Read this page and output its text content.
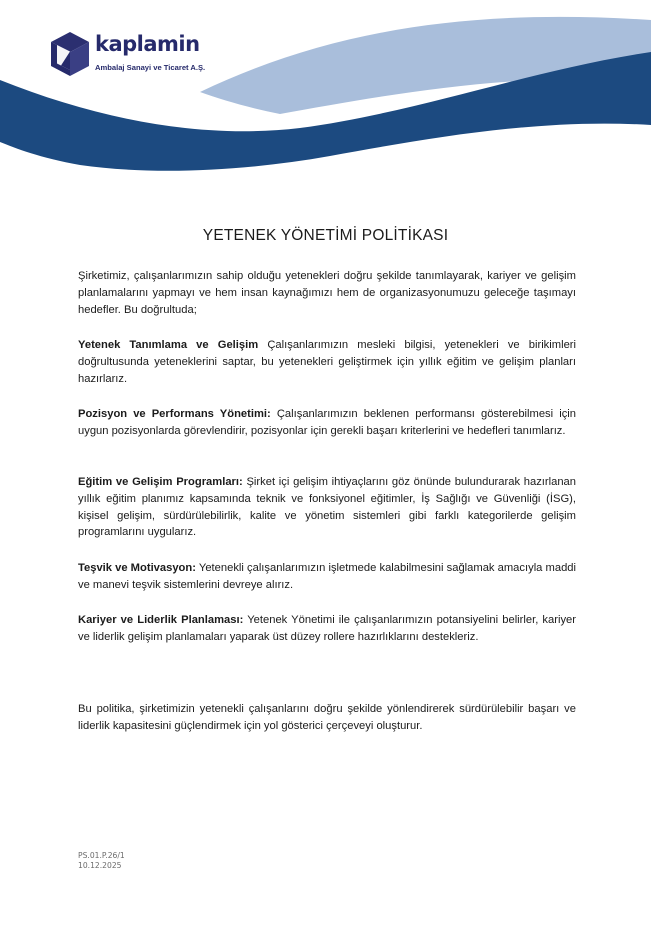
kaplamin
Ambalaj Sanayi ve Ticaret A.Ş.
YETENEK YÖNETİMİ POLİTİKASI

Şirketimiz, çalışanlarımızın sahip olduğu yetenekleri doğru şekilde tanımlayarak, kariyer ve gelişim planlamalarını yapmayı ve hem insan kaynağımızı hem de organizasyonumuzu geleceğe taşımayı hedefler. Bu doğrultuda;

Yetenek Tanımlama ve Gelişim Çalışanlarımızın mesleki bilgisi, yetenekleri ve birikimleri doğrultusunda yeteneklerini saptar, bu yetenekleri geliştirmek için yıllık eğitim ve gelişim planları hazırlarız.

Pozisyon ve Performans Yönetimi: Çalışanlarımızın beklenen performansı gösterebilmesi için uygun pozisyonlarda görevlendirir, pozisyonlar için gerekli başarı kriterlerini ve hedefleri tanımlarız.

Eğitim ve Gelişim Programları: Şirket içi gelişim ihtiyaçlarını göz önünde bulundurarak hazırlanan yıllık eğitim planımız kapsamında teknik ve fonksiyonel eğitimler, İş Sağlığı ve Güvenliği (İSG), kişisel gelişim, sürdürülebilirlik, kalite ve yönetim sistemleri gibi farklı kategorilerde gelişim programlarını uygularız.

Teşvik ve Motivasyon: Yetenekli çalışanlarımızın işletmede kalabilmesini sağlamak amacıyla maddi ve manevi teşvik sistemlerini devreye alırız.

Kariyer ve Liderlik Planlaması: Yetenek Yönetimi ile çalışanlarımızın potansiyelini belirler, kariyer ve liderlik gelişim planlamaları yaparak üst düzey rollere hazırlıklarını destekleriz.

Bu politika, şirketimizin yetenekli çalışanlarını doğru şekilde yönlendirerek sürdürülebilir başarı ve liderlik kapasitesini güçlendirmek için yol gösterici çerçeveyi oluşturur.

PS.01.P.26/1
10.12.2025
